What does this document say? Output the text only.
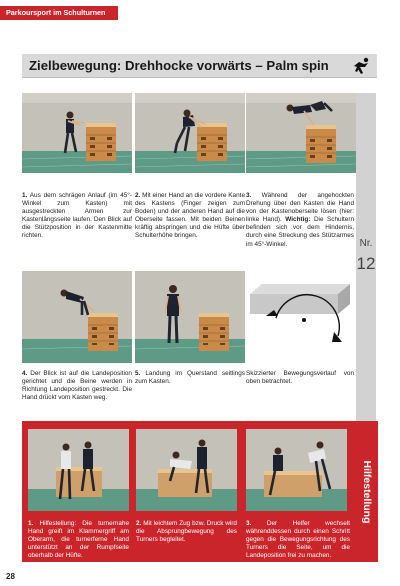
Parkoursport im Schulturnen
Zielbewegung: Drehhocke vorwärts – Palm spin
1. Aus dem schrägen Anlauf (im 45°-Winkel zum Kasten) mit ausgestreckten Armen zur Kastenlängsseite laufen. Den Blick auf die Stützposition in der Kastenmitte richten.
2. Mit einer Hand an die vordere Kante des Kastens (Finger zeigen zum Boden) und der anderen Hand auf die Oberseite fassen. Mit beiden Beinen kräftig abspringen und die Hüfte über Schulterhöhe bringen.
3. Während der angehockten Drehung über den Kasten die Hand von der Kastenoberseite lösen (hier: linke Hand). Wichtig: Die Schultern befinden sich vor dem Hindernis, durch eine Streckung des Stützarmes im 45°-Winkel.
4. Der Blick ist auf die Landeposition gerichtet und die Beine werden in Richtung Landeposition gestreckt. Die Hand drückt vom Kasten weg.
5. Landung im Querstand seitlings zum Kasten.
Skizzierter Bewegungsverlauf von oben betrachtet.
Nr.
12
1. Hilfestellung: Die turnernahe Hand greift im Klammergriff am Oberarm, die turnerferne Hand unterstützt an der Rumpfseite oberhalb der Hüfte.
2. Mit leichtem Zug bzw. Druck wird die Absprungbewegung des Turners begleitet.
3. Der Helfer wechselt währenddessen durch einen Schritt gegen die Bewegungsrichtung des Turners die Seite, um die Landeposition frei zu machen.
Hilfestellung
28
